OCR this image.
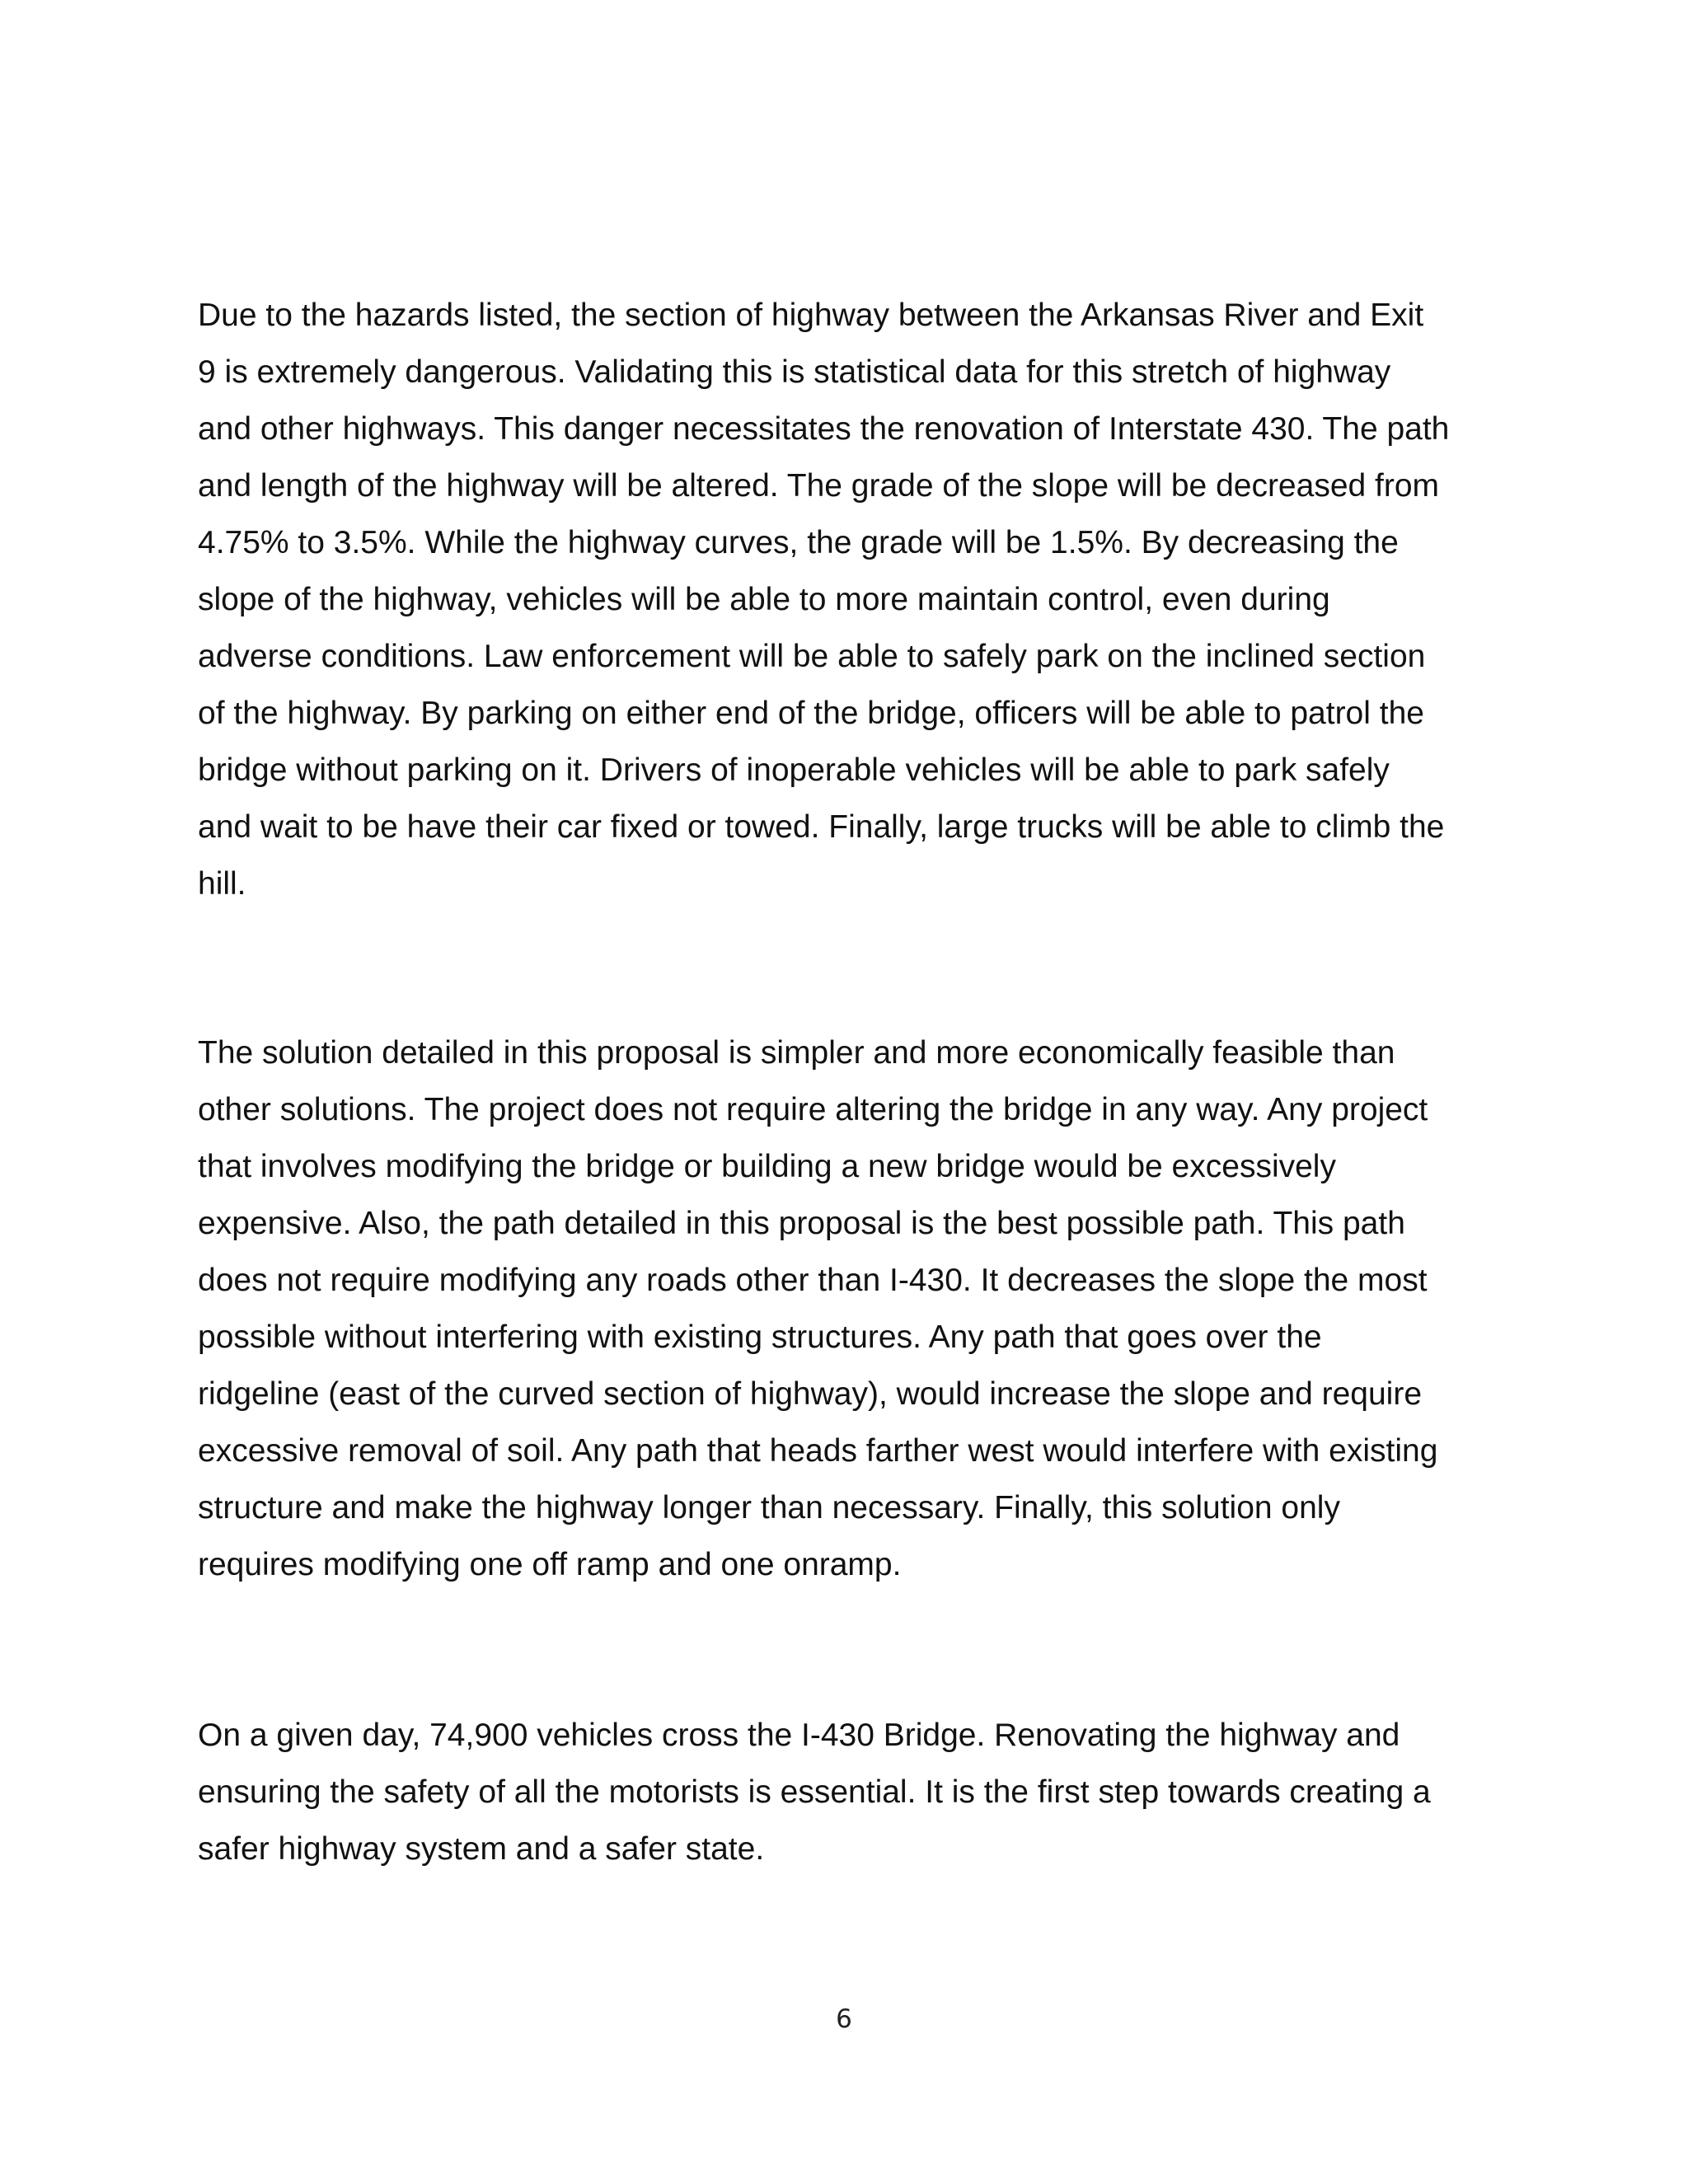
Due to the hazards listed, the section of highway between the Arkansas River and Exit
9 is extremely dangerous. Validating this is statistical data for this stretch of highway
and other highways. This danger necessitates the renovation of Interstate 430. The path
and length of the highway will be altered. The grade of the slope will be decreased from
4.75% to 3.5%. While the highway curves, the grade will be 1.5%. By decreasing the
slope of the highway, vehicles will be able to more maintain control, even during
adverse conditions. Law enforcement will be able to safely park on the inclined section
of the highway. By parking on either end of the bridge, officers will be able to patrol the
bridge without parking on it. Drivers of inoperable vehicles will be able to park safely
and wait to be have their car fixed or towed. Finally, large trucks will be able to climb the
hill.
The solution detailed in this proposal is simpler and more economically feasible than
other solutions. The project does not require altering the bridge in any way. Any project
that involves modifying the bridge or building a new bridge would be excessively
expensive. Also, the path detailed in this proposal is the best possible path. This path
does not require modifying any roads other than I-430. It decreases the slope the most
possible without interfering with existing structures. Any path that goes over the
ridgeline (east of the curved section of highway), would increase the slope and require
excessive removal of soil. Any path that heads farther west would interfere with existing
structure and make the highway longer than necessary. Finally, this solution only
requires modifying one off ramp and one onramp.
On a given day, 74,900 vehicles cross the I-430 Bridge. Renovating the highway and
ensuring the safety of all the motorists is essential. It is the first step towards creating a
safer highway system and a safer state.
6
